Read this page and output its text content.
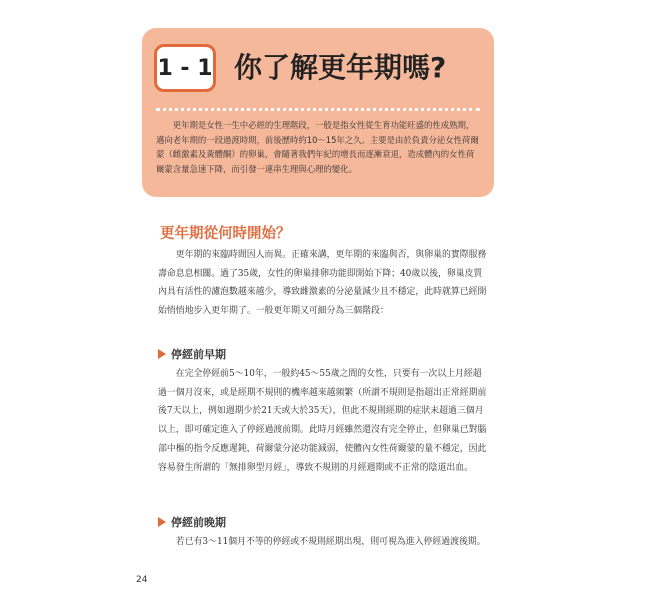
1 - 1 你了解更年期嗎?
更年期是女性一生中必經的生理階段，一般是指女性從生育功能旺盛的性成熟期，邁向老年期的一段過渡時期，前後歷時約10～15年之久。主要是由於負責分泌女性荷爾蒙（雌激素及黃體酮）的卵巢，會隨著我們年紀的增長而逐漸衰退，造成體內的女性荷爾蒙含量急速下降，而引發一連串生理與心理的變化。
更年期從何時開始？
更年期的來臨時間因人而異。正確來講，更年期的來臨與否，與卵巢的實際服務壽命息息相關。過了35歲，女性的卵巢排卵功能即開始下降；40歲以後，卵巢皮質內具有活性的濾泡數越來越少，導致雌激素的分泌量減少且不穩定，此時就算已經開始悄悄地步入更年期了。一般更年期又可細分為三個階段：
停經前早期
在完全停經前5～10年，一般約45～55歲之間的女性，只要有一次以上月經超過一個月沒來，或是經期不規則的機率越來越頻繁（所謂不規則是指超出正常經期前後7天以上，例如週期少於21天或大於35天），但此不規則經期的症狀未超過三個月以上，即可確定進入了停經過渡前期。此時月經雖然還沒有完全停止，但卵巢已對腦部中樞的指令反應遲鈍，荷爾蒙分泌功能減弱，使體內女性荷爾蒙的量不穩定，因此容易發生所謂的「無排卵型月經」，導致不規則的月經週期或不正常的陰道出血。
停經前晚期
若已有3～11個月不等的停經或不規則經期出現，則可視為進入停經過渡後期。
24
